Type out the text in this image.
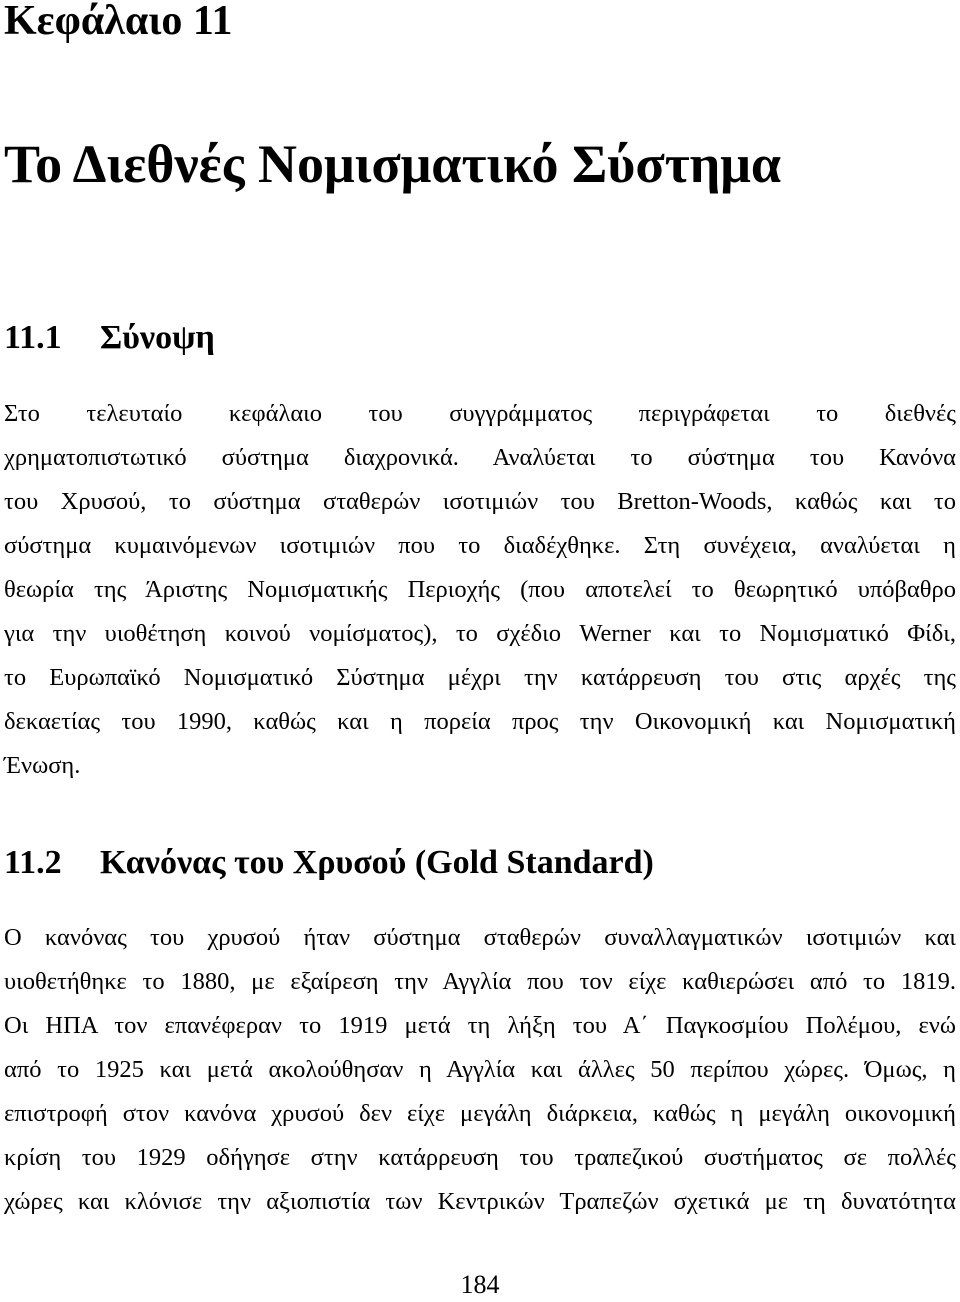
Κεφάλαιο 11
Το Διεθνές Νομισματικό Σύστημα
11.1 Σύνοψη
Στο τελευταίο κεφάλαιο του συγγράμματος περιγράφεται το διεθνές
χρηματοπιστωτικό σύστημα διαχρονικά. Αναλύεται το σύστημα του Κανόνα
του Χρυσού, το σύστημα σταθερών ισοτιμιών του Bretton-Woods, καθώς και το
σύστημα κυμαινόμενων ισοτιμιών που το διαδέχθηκε. Στη συνέχεια, αναλύεται η
θεωρία της Άριστης Νομισματικής Περιοχής (που αποτελεί το θεωρητικό υπόβαθρο
για την υιοθέτηση κοινού νομίσματος), το σχέδιο Werner και το Νομισματικό Φίδι,
το Ευρωπαϊκό Νομισματικό Σύστημα μέχρι την κατάρρευση του στις αρχές της
δεκαετίας του 1990, καθώς και η πορεία προς την Οικονομική και Νομισματική
Ένωση.
11.2 Κανόνας του Χρυσού (Gold Standard)
Ο κανόνας του χρυσού ήταν σύστημα σταθερών συναλλαγματικών ισοτιμιών και
υιοθετήθηκε το 1880, με εξαίρεση την Αγγλία που τον είχε καθιερώσει από το 1819.
Οι ΗΠΑ τον επανέφεραν το 1919 μετά τη λήξη του Α΄ Παγκοσμίου Πολέμου, ενώ
από το 1925 και μετά ακολούθησαν η Αγγλία και άλλες 50 περίπου χώρες. Όμως, η
επιστροφή στον κανόνα χρυσού δεν είχε μεγάλη διάρκεια, καθώς η μεγάλη οικονομική
κρίση του 1929 οδήγησε στην κατάρρευση του τραπεζικού συστήματος σε πολλές
χώρες και κλόνισε την αξιοπιστία των Κεντρικών Τραπεζών σχετικά με τη δυνατότητα
184
